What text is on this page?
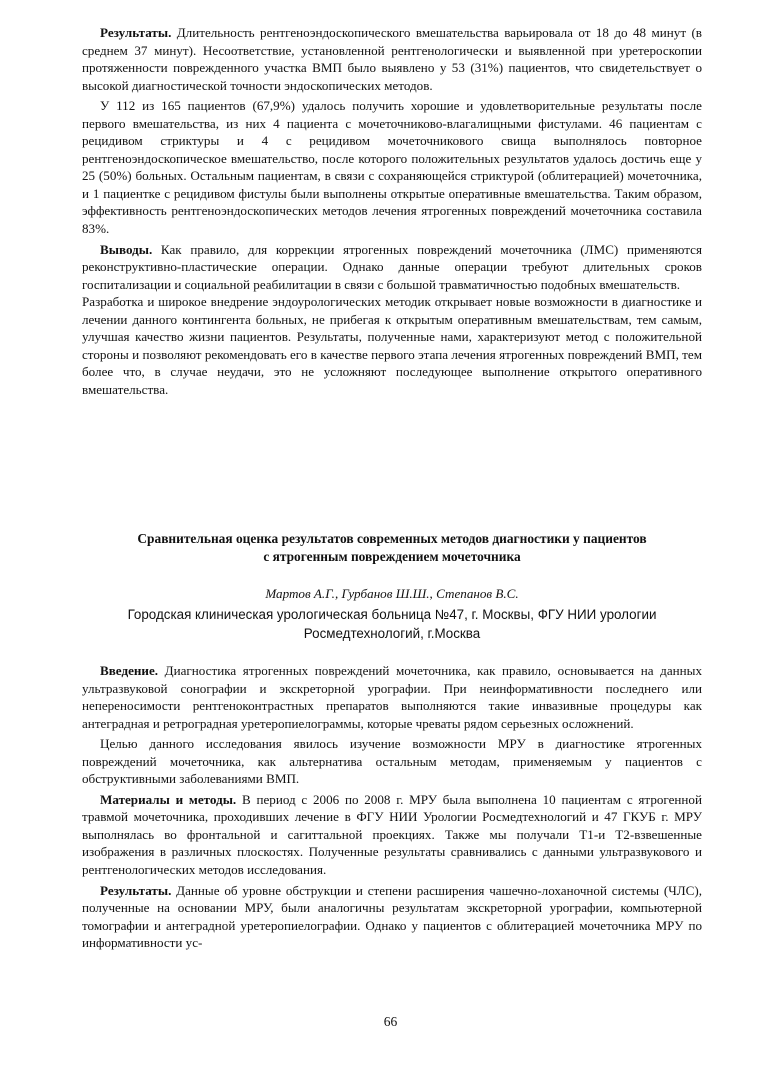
Результаты. Длительность рентгеноэндоскопического вмешательства варьировала от 18 до 48 минут (в среднем 37 минут). Несоответствие, установленной рентгенологически и выявленной при уретероскопии протяженности поврежденного участка ВМП было выявлено у 53 (31%) пациентов, что свидетельствует о высокой диагностической точности эндоскопических методов.

У 112 из 165 пациентов (67,9%) удалось получить хорошие и удовлетворительные результаты после первого вмешательства, из них 4 пациента с мочеточниково-влагалищными фистулами. 46 пациентам с рецидивом стриктуры и 4 с рецидивом мочеточникового свища выполнялось повторное рентгеноэндоскопическое вмешательство, после которого положительных результатов удалось достичь еще у 25 (50%) больных. Остальным пациентам, в связи с сохраняющейся стриктурой (облитерацией) мочеточника, и 1 пациентке с рецидивом фистулы были выполнены открытые оперативные вмешательства. Таким образом, эффективность рентгеноэндоскопических методов лечения ятрогенных повреждений мочеточника составила 83%.

Выводы. Как правило, для коррекции ятрогенных повреждений мочеточника (ЛМС) применяются реконструктивно-пластические операции. Однако данные операции требуют длительных сроков госпитализации и социальной реабилитации в связи с большой травматичностью подобных вмешательств.

Разработка и широкое внедрение эндоурологических методик открывает новые возможности в диагностике и лечении данного контингента больных, не прибегая к открытым оперативным вмешательствам, тем самым, улучшая качество жизни пациентов. Результаты, полученные нами, характеризуют метод с положительной стороны и позволяют рекомендовать его в качестве первого этапа лечения ятрогенных повреждений ВМП, тем более что, в случае неудачи, это не усложняют последующее выполнение открытого оперативного вмешательства.

Сравнительная оценка результатов современных методов диагностики у пациентов
с ятрогенным повреждением мочеточника
Мартов А.Г., Гурбанов Ш.Ш., Степанов В.С.
Городская клиническая урологическая больница №47, г. Москвы, ФГУ НИИ урологии
Росмедтехнологий, г.Москва

Введение. Диагностика ятрогенных повреждений мочеточника, как правило, основывается на данных ультразвуковой сонографии и экскреторной урографии. При неинформативности последнего или непереносимости рентгеноконтрастных препаратов выполняются такие инвазивные процедуры как антеградная и ретроградная уретеропиелограммы, которые чреваты рядом серьезных осложнений.

Целью данного исследования явилось изучение возможности МРУ в диагностике ятрогенных повреждений мочеточника, как альтернатива остальным методам, применяемым у пациентов с обструктивными заболеваниями ВМП.

Материалы и методы. В период с 2006 по 2008 г. МРУ была выполнена 10 пациентам с ятрогенной травмой мочеточника, проходивших лечение в ФГУ НИИ Урологии Росмедтехнологий и 47 ГКУБ г. МРУ выполнялась во фронтальной и сагиттальной проекциях. Также мы получали Т1-и Т2-взвешенные изображения в различных плоскостях. Полученные результаты сравнивались с данными ультразвукового и рентгенологических методов исследования.

Результаты. Данные об уровне обструкции и степени расширения чашечно-лоханочной системы (ЧЛС), полученные на основании МРУ, были аналогичны результатам экскреторной урографии, компьютерной томографии и антеградной уретеропиелографии. Однако у пациентов с облитерацией мочеточника МРУ по информативности ус-

66
